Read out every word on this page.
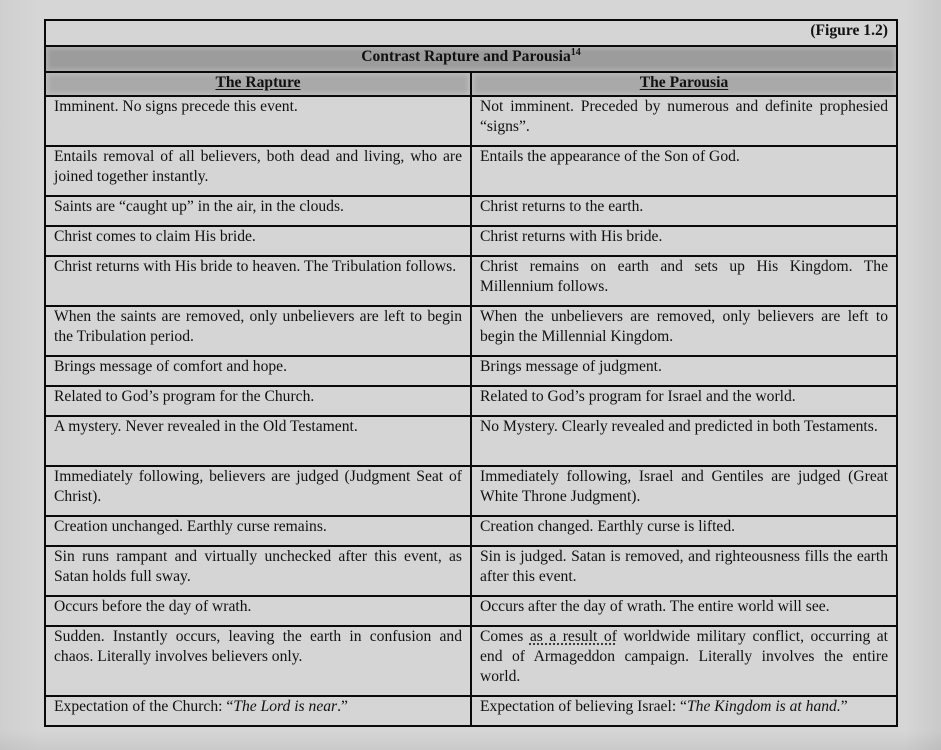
(Figure 1.2)	
Contrast Rapture and Parousia$^{14}$
The Rapture	The Parousia
Imminent. No signs precede this event.	Not imminent. Preceded by numerous and definite prophesied “signs”.
Entails removal of all believers, both dead and living, who are joined together instantly.	Entails the appearance of the Son of God.
Saints are “caught up” in the air, in the clouds.	Christ returns to the earth.
Christ comes to claim His bride.	Christ returns with His bride.
Christ returns with His bride to heaven. The Tribulation follows.	Christ remains on earth and sets up His Kingdom. The Millennium follows.
When the saints are removed, only unbelievers are left to begin the Tribulation period.	When the unbelievers are removed, only believers are left to begin the Millennial Kingdom.
Brings message of comfort and hope.	Brings message of judgment.
Related to God’s program for the Church.	Related to God’s program for Israel and the world.
A mystery. Never revealed in the Old Testament.	No Mystery. Clearly revealed and predicted in both Testaments.
Immediately following, believers are judged (Judgment Seat of Christ).	Immediately following, Israel and Gentiles are judged (Great White Throne Judgment).
Creation unchanged. Earthly curse remains.	Creation changed. Earthly curse is lifted.
Sin runs rampant and virtually unchecked after this event, as Satan holds full sway.	Sin is judged. Satan is removed, and righteousness fills the earth after this event.
Occurs before the day of wrath.	Occurs after the day of wrath. The entire world will see.
Sudden. Instantly occurs, leaving the earth in confusion and chaos. Literally involves believers only.	Comes as a result of worldwide military conflict, occurring at end of Armageddon campaign. Literally involves the entire world.
Expectation of the Church: “The Lord is near.”	Expectation of believing Israel: “The Kingdom is at hand.”
